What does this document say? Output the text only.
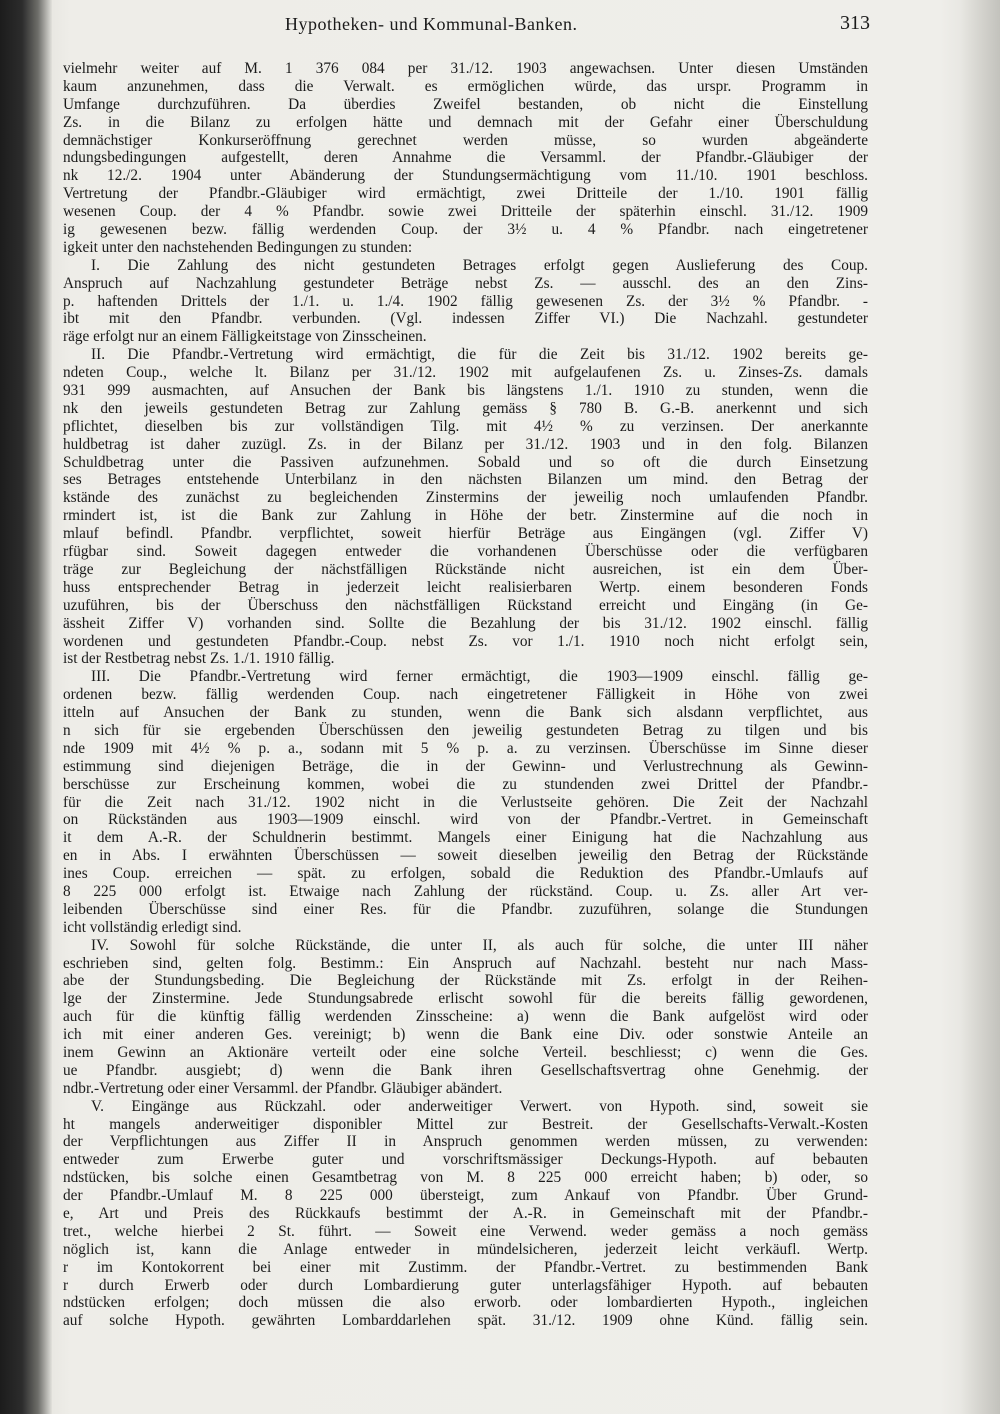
Hypotheken- und Kommunal-Banken.	313
vielmehr weiter auf M. 1 376 084 per 31./12. 1903 angewachsen. Unter diesen Umständen
kaum anzunehmen, dass die Verwalt. es ermöglichen würde, das urspr. Programm in
Umfange durchzuführen. Da überdies Zweifel bestanden, ob nicht die Einstellung
Zs. in die Bilanz zu erfolgen hätte und demnach mit der Gefahr einer Überschuldung
demnächstiger Konkurseröffnung gerechnet werden müsse, so wurden abgeänderte
ndungsbedingungen aufgestellt, deren Annahme die Versamml. der Pfandbr.-Gläubiger der
nk 12./2. 1904 unter Abänderung der Stundungsermächtigung vom 11./10. 1901 beschloss.
Vertretung der Pfandbr.-Gläubiger wird ermächtigt, zwei Dritteile der 1./10. 1901 fällig
wesenen Coup. der 4 % Pfandbr. sowie zwei Dritteile der späterhin einschl. 31./12. 1909
ig gewesenen bezw. fällig werdenden Coup. der 3½ u. 4 % Pfandbr. nach eingetretener
igkeit unter den nachstehenden Bedingungen zu stunden:
I. Die Zahlung des nicht gestundeten Betrages erfolgt gegen Auslieferung des Coup.
Anspruch auf Nachzahlung gestundeter Beträge nebst Zs. — ausschl. des an den Zins-
p. haftenden Drittels der 1./1. u. 1./4. 1902 fällig gewesenen Zs. der 3½ % Pfandbr. -
ibt mit den Pfandbr. verbunden. (Vgl. indessen Ziffer VI.) Die Nachzahl. gestundeter
räge erfolgt nur an einem Fälligkeitstage von Zinsscheinen.
II. Die Pfandbr.-Vertretung wird ermächtigt, die für die Zeit bis 31./12. 1902 bereits ge-
ndeten Coup., welche lt. Bilanz per 31./12. 1902 mit aufgelaufenen Zs. u. Zinses-Zs. damals
931 999 ausmachten, auf Ansuchen der Bank bis längstens 1./1. 1910 zu stunden, wenn die
nk den jeweils gestundeten Betrag zur Zahlung gemäss § 780 B. G.-B. anerkennt und sich
pflichtet, dieselben bis zur vollständigen Tilg. mit 4½ % zu verzinsen. Der anerkannte
huldbetrag ist daher zuzügl. Zs. in der Bilanz per 31./12. 1903 und in den folg. Bilanzen
Schuldbetrag unter die Passiven aufzunehmen. Sobald und so oft die durch Einsetzung
ses Betrages entstehende Unterbilanz in den nächsten Bilanzen um mind. den Betrag der
kstände des zunächst zu begleichenden Zinstermins der jeweilig noch umlaufenden Pfandbr.
rmindert ist, ist die Bank zur Zahlung in Höhe der betr. Zinstermine auf die noch in
mlauf befindl. Pfandbr. verpflichtet, soweit hierfür Beträge aus Eingängen (vgl. Ziffer V)
rfügbar sind. Soweit dagegen entweder die vorhandenen Überschüsse oder die verfügbaren
träge zur Begleichung der nächstfälligen Rückstände nicht ausreichen, ist ein dem Über-
huss entsprechender Betrag in jederzeit leicht realisierbaren Wertp. einem besonderen Fonds
uzuführen, bis der Überschuss den nächstfälligen Rückstand erreicht und Eingäng (in Ge-
ässheit Ziffer V) vorhanden sind. Sollte die Bezahlung der bis 31./12. 1902 einschl. fällig
wordenen und gestundeten Pfandbr.-Coup. nebst Zs. vor 1./1. 1910 noch nicht erfolgt sein,
ist der Restbetrag nebst Zs. 1./1. 1910 fällig.
III. Die Pfandbr.-Vertretung wird ferner ermächtigt, die 1903—1909 einschl. fällig ge-
ordenen bezw. fällig werdenden Coup. nach eingetretener Fälligkeit in Höhe von zwei
itteln auf Ansuchen der Bank zu stunden, wenn die Bank sich alsdann verpflichtet, aus
n sich für sie ergebenden Überschüssen den jeweilig gestundeten Betrag zu tilgen und bis
nde 1909 mit 4½ % p. a., sodann mit 5 % p. a. zu verzinsen. Überschüsse im Sinne dieser
estimmung sind diejenigen Beträge, die in der Gewinn- und Verlustrechnung als Gewinn-
berschüsse zur Erscheinung kommen, wobei die zu stundenden zwei Drittel der Pfandbr.-
für die Zeit nach 31./12. 1902 nicht in die Verlustseite gehören. Die Zeit der Nachzahl
on Rückständen aus 1903—1909 einschl. wird von der Pfandbr.-Vertret. in Gemeinschaft
it dem A.-R. der Schuldnerin bestimmt. Mangels einer Einigung hat die Nachzahlung aus
en in Abs. I erwähnten Überschüssen — soweit dieselben jeweilig den Betrag der Rückstände
ines Coup. erreichen — spät. zu erfolgen, sobald die Reduktion des Pfandbr.-Umlaufs auf
8 225 000 erfolgt ist. Etwaige nach Zahlung der rückständ. Coup. u. Zs. aller Art ver-
leibenden Überschüsse sind einer Res. für die Pfandbr. zuzuführen, solange die Stundungen
icht vollständig erledigt sind.
IV. Sowohl für solche Rückstände, die unter II, als auch für solche, die unter III näher
eschrieben sind, gelten folg. Bestimm.: Ein Anspruch auf Nachzahl. besteht nur nach Mass-
abe der Stundungsbeding. Die Begleichung der Rückstände mit Zs. erfolgt in der Reihen-
lge der Zinstermine. Jede Stundungsabrede erlischt sowohl für die bereits fällig gewordenen,
auch für die künftig fällig werdenden Zinsscheine: a) wenn die Bank aufgelöst wird oder
ich mit einer anderen Ges. vereinigt; b) wenn die Bank eine Div. oder sonstwie Anteile an
inem Gewinn an Aktionäre verteilt oder eine solche Verteil. beschliesst; c) wenn die Ges.
ue Pfandbr. ausgiebt; d) wenn die Bank ihren Gesellschaftsvertrag ohne Genehmig. der
ndbr.-Vertretung oder einer Versamml. der Pfandbr. Gläubiger abändert.
V. Eingänge aus Rückzahl. oder anderweitiger Verwert. von Hypoth. sind, soweit sie
ht mangels anderweitiger disponibler Mittel zur Bestreit. der Gesellschafts-Verwalt.-Kosten
der Verpflichtungen aus Ziffer II in Anspruch genommen werden müssen, zu verwenden:
entweder zum Erwerbe guter und vorschriftsmässiger Deckungs-Hypoth. auf bebauten
ndstücken, bis solche einen Gesamtbetrag von M. 8 225 000 erreicht haben; b) oder, so
der Pfandbr.-Umlauf M. 8 225 000 übersteigt, zum Ankauf von Pfandbr. Über Grund-
e, Art und Preis des Rückkaufs bestimmt der A.-R. in Gemeinschaft mit der Pfandbr.-
tret., welche hierbei 2 St. führt. — Soweit eine Verwend. weder gemäss a noch gemäss
nöglich ist, kann die Anlage entweder in mündelsicheren, jederzeit leicht verkäufl. Wertp.
r im Kontokorrent bei einer mit Zustimm. der Pfandbr.-Vertret. zu bestimmenden Bank
r durch Erwerb oder durch Lombardierung guter unterlagsfähiger Hypoth. auf bebauten
ndstücken erfolgen; doch müssen die also erworb. oder lombardierten Hypoth., ingleichen
auf solche Hypoth. gewährten Lombarddarlehen spät. 31./12. 1909 ohne Künd. fällig sein.
